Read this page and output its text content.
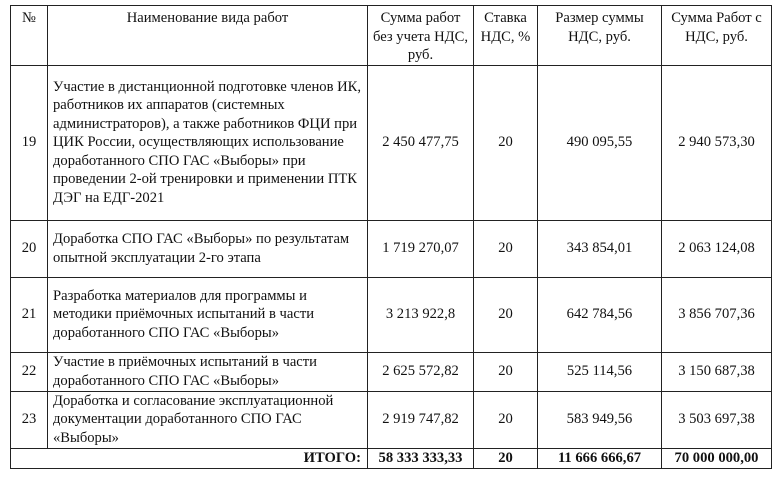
№	Наименование вида работ	Сумма работ без учета НДС, руб.	Ставка НДС, %	Размер суммы НДС, руб.	Сумма Работ с НДС, руб.
19	Участие в дистанционной подготовке членов ИК, работников их аппаратов (системных администраторов), а также работников ФЦИ при ЦИК России, осуществляющих использование доработанного СПО ГАС «Выборы» при проведении 2-ой тренировки и применении ПТК ДЭГ на ЕДГ-2021	2 450 477,75	20	490 095,55	2 940 573,30
20	Доработка СПО ГАС «Выборы» по результатам опытной эксплуатации 2-го этапа	1 719 270,07	20	343 854,01	2 063 124,08
21	Разработка материалов для программы и методики приёмочных испытаний в части доработанного СПО ГАС «Выборы»	3 213 922,8	20	642 784,56	3 856 707,36
22	Участие в приёмочных испытаний в части доработанного СПО ГАС «Выборы»	2 625 572,82	20	525 114,56	3 150 687,38
23	Доработка и согласование эксплуатационной документации доработанного СПО ГАС «Выборы»	2 919 747,82	20	583 949,56	3 503 697,38
ИТОГО:		58 333 333,33	20	11 666 666,67	70 000 000,00
